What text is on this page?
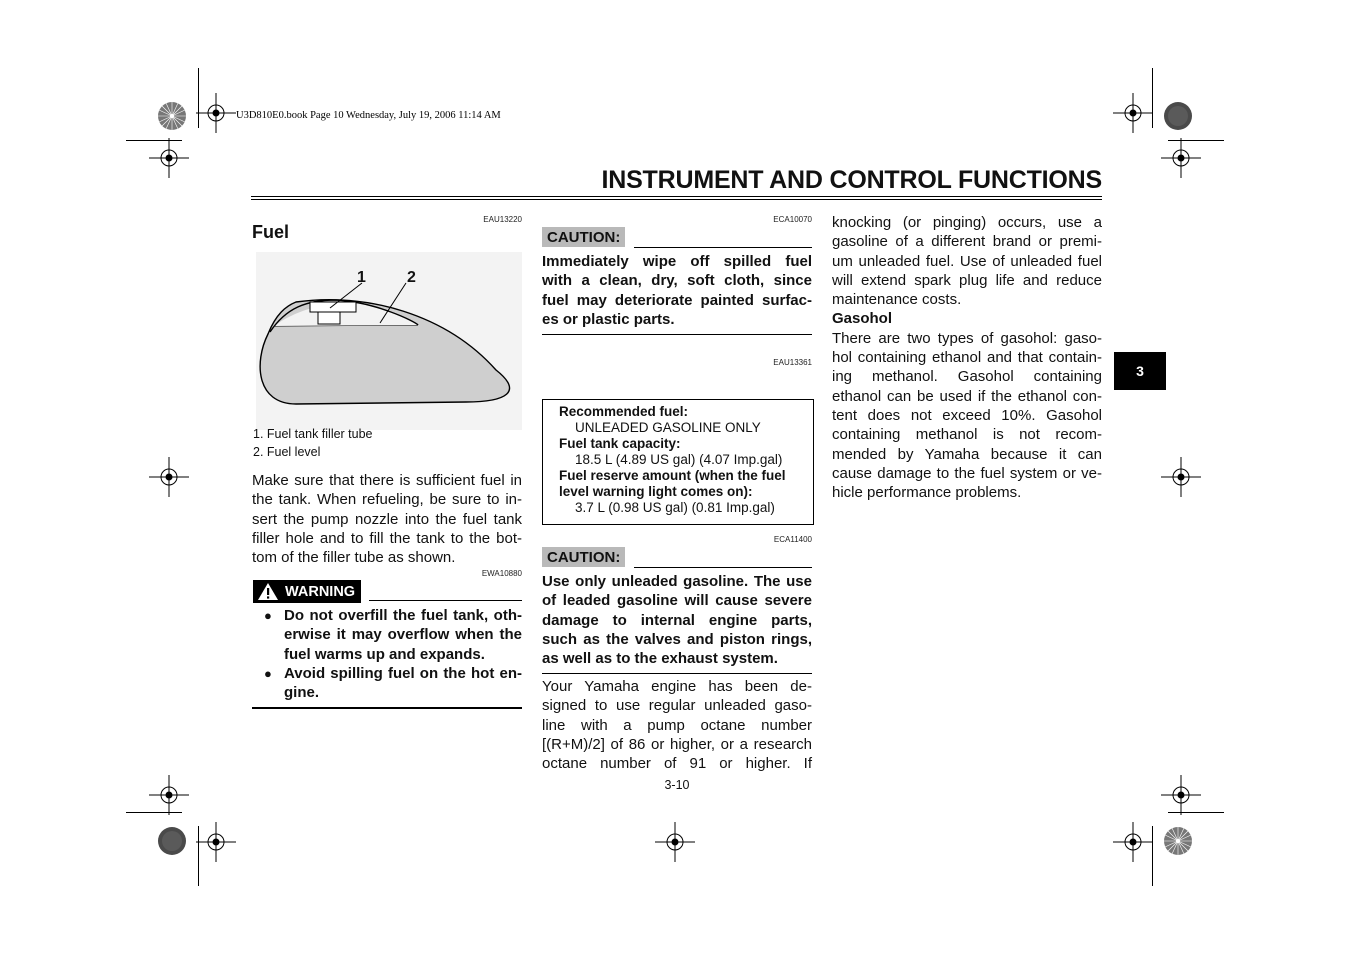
U3D810E0.book Page 10 Wednesday, July 19, 2006 11:14 AM
INSTRUMENT AND CONTROL FUNCTIONS
3
EAU13220
Fuel
1	2
1. Fuel tank filler tube
2. Fuel level
Make sure that there is sufficient fuel in
the tank. When refueling, be sure to in-
sert the pump nozzle into the fuel tank
filler hole and to fill the tank to the bot-
tom of the filler tube as shown.
EWA10880
WARNING
● Do not overfill the fuel tank, oth-
erwise it may overflow when the
fuel warms up and expands.
● Avoid spilling fuel on the hot en-
gine.
ECA10070
CAUTION:
Immediately wipe off spilled fuel
with a clean, dry, soft cloth, since
fuel may deteriorate painted surfac-
es or plastic parts.
EAU13361
Recommended fuel:
UNLEADED GASOLINE ONLY
Fuel tank capacity:
18.5 L (4.89 US gal) (4.07 Imp.gal)
Fuel reserve amount (when the fuel
level warning light comes on):
3.7 L (0.98 US gal) (0.81 Imp.gal)
ECA11400
CAUTION:
Use only unleaded gasoline. The use
of leaded gasoline will cause severe
damage to internal engine parts,
such as the valves and piston rings,
as well as to the exhaust system.
Your Yamaha engine has been de-
signed to use regular unleaded gaso-
line with a pump octane number
[(R+M)/2] of 86 or higher, or a research
octane number of 91 or higher. If
knocking (or pinging) occurs, use a
gasoline of a different brand or premi-
um unleaded fuel. Use of unleaded fuel
will extend spark plug life and reduce
maintenance costs.
Gasohol
There are two types of gasohol: gaso-
hol containing ethanol and that contain-
ing methanol. Gasohol containing
ethanol can be used if the ethanol con-
tent does not exceed 10%. Gasohol
containing methanol is not recom-
mended by Yamaha because it can
cause damage to the fuel system or ve-
hicle performance problems.
3-10
